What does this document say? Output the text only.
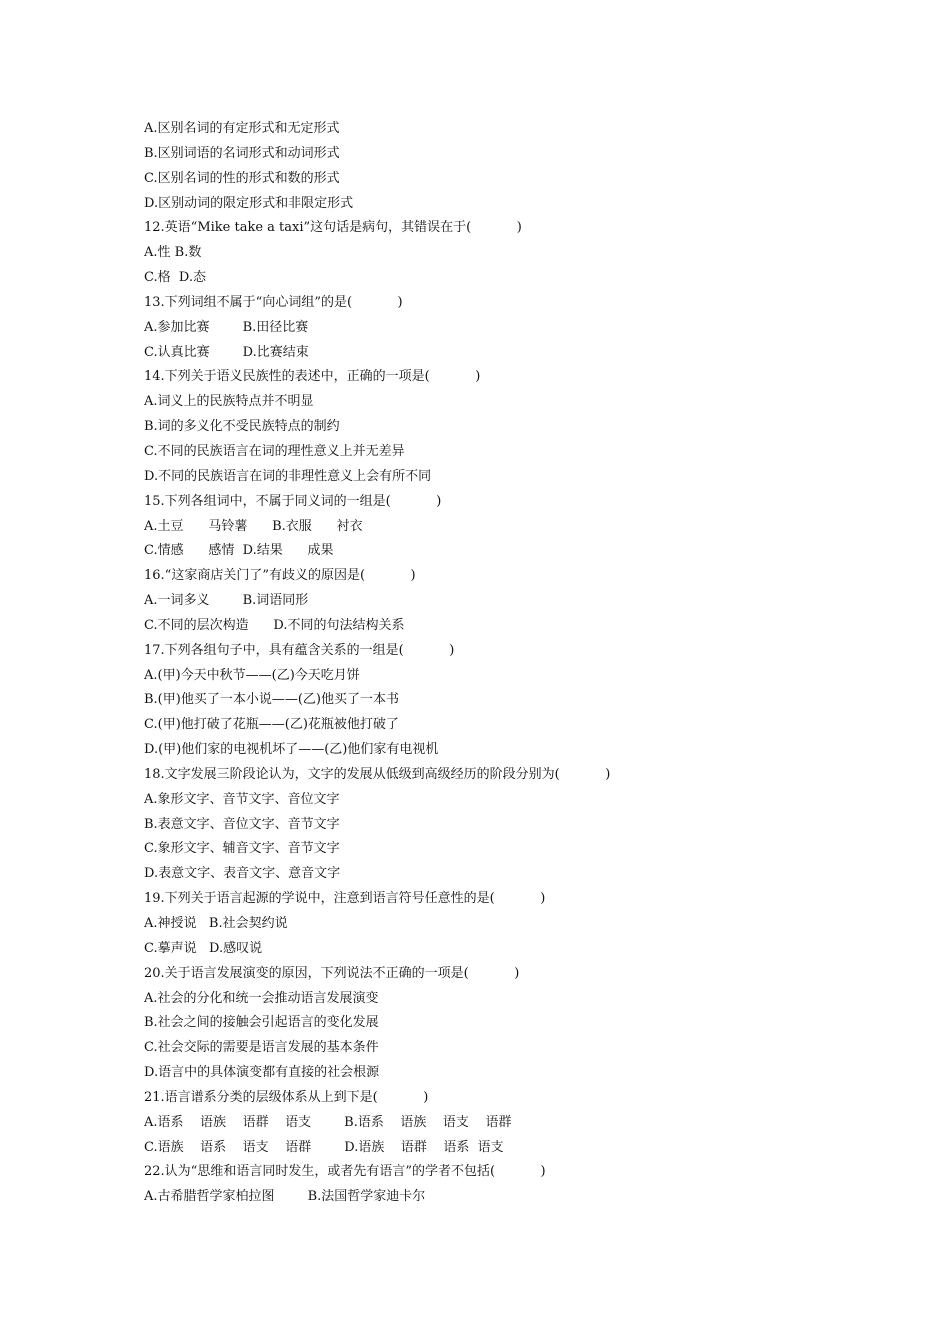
A.区别名词的有定形式和无定形式
B.区别词语的名词形式和动词形式
C.区别名词的性的形式和数的形式
D.区别动词的限定形式和非限定形式
12.英语“Mike take a taxi”这句话是病句，其错误在于(           )
A.性 B.数
C.格  D.态
13.下列词组不属于“向心词组”的是(           )
A.参加比赛        B.田径比赛
C.认真比赛        D.比赛结束
14.下列关于语义民族性的表述中，正确的一项是(           )
A.词义上的民族特点并不明显
B.词的多义化不受民族特点的制约
C.不同的民族语言在词的理性意义上并无差异
D.不同的民族语言在词的非理性意义上会有所不同
15.下列各组词中，不属于同义词的一组是(           )
A.土豆      马铃薯      B.衣服      衬衣
C.情感      感情  D.结果      成果
16.“这家商店关门了”有歧义的原因是(           )
A.一词多义        B.词语同形
C.不同的层次构造      D.不同的句法结构关系
17.下列各组句子中，具有蕴含关系的一组是(           )
A.(甲)今天中秋节——(乙)今天吃月饼
B.(甲)他买了一本小说——(乙)他买了一本书
C.(甲)他打破了花瓶——(乙)花瓶被他打破了
D.(甲)他们家的电视机坏了——(乙)他们家有电视机
18.文字发展三阶段论认为，文字的发展从低级到高级经历的阶段分别为(           )
A.象形文字、音节文字、音位文字
B.表意文字、音位文字、音节文字
C.象形文字、辅音文字、音节文字
D.表意文字、表音文字、意音文字
19.下列关于语言起源的学说中，注意到语言符号任意性的是(           )
A.神授说   B.社会契约说
C.摹声说   D.感叹说
20.关于语言发展演变的原因，下列说法不正确的一项是(           )
A.社会的分化和统一会推动语言发展演变
B.社会之间的接触会引起语言的变化发展
C.社会交际的需要是语言发展的基本条件
D.语言中的具体演变都有直接的社会根源
21.语言谱系分类的层级体系从上到下是(           )
A.语系    语族    语群    语支        B.语系    语族    语支    语群
C.语族    语系    语支    语群        D.语族    语群    语系  语支
22.认为“思维和语言同时发生，或者先有语言”的学者不包括(           )
A.古希腊哲学家柏拉图        B.法国哲学家迪卡尔
